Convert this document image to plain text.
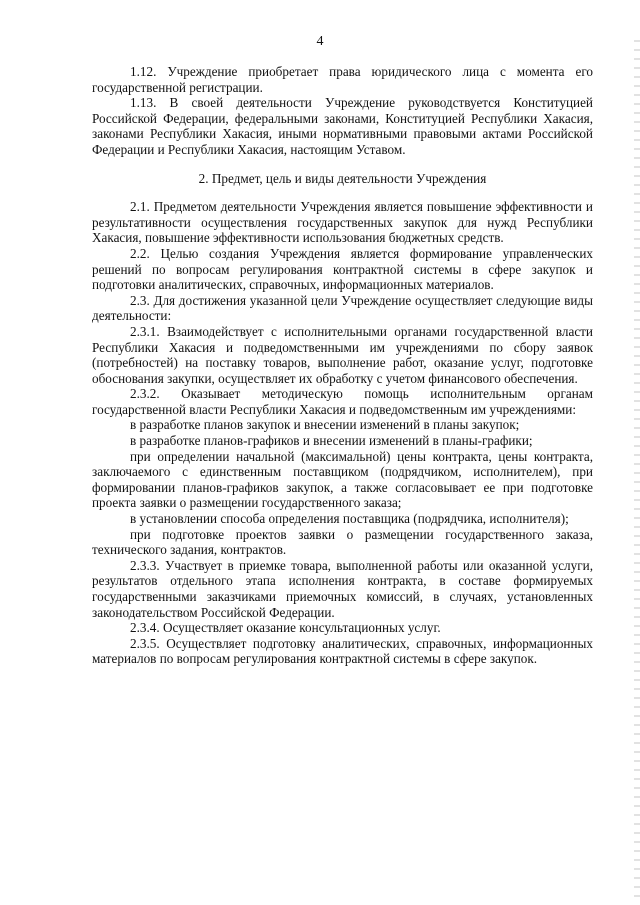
4

1.12. Учреждение приобретает права юридического лица с момента его государственной регистрации.

1.13. В своей деятельности Учреждение руководствуется Конституцией Российской Федерации, федеральными законами, Конституцией Республики Хакасия, законами Республики Хакасия, иными нормативными правовыми актами Российской Федерации и Республики Хакасия, настоящим Уставом.

2. Предмет, цель и виды деятельности Учреждения

2.1. Предметом деятельности Учреждения является повышение эффективности и результативности осуществления государственных закупок для нужд Республики Хакасия, повышение эффективности использования бюджетных средств.

2.2. Целью создания Учреждения является формирование управленческих решений по вопросам регулирования контрактной системы в сфере закупок и подготовки аналитических, справочных, информационных материалов.

2.3. Для достижения указанной цели Учреждение осуществляет следующие виды деятельности:

2.3.1. Взаимодействует с исполнительными органами государственной власти Республики Хакасия и подведомственными им учреждениями по сбору заявок (потребностей) на поставку товаров, выполнение работ, оказание услуг, подготовке обоснования закупки, осуществляет их обработку с учетом финансового обеспечения.

2.3.2. Оказывает методическую помощь исполнительным органам государственной власти Республики Хакасия и подведомственным им учреждениями:

в разработке планов закупок и внесении изменений в планы закупок;

в разработке планов-графиков и внесении изменений в планы-графики;

при определении начальной (максимальной) цены контракта, цены контракта, заключаемого с единственным поставщиком (подрядчиком, исполнителем), при формировании планов-графиков закупок, а также согласовывает ее при подготовке проекта заявки о размещении государственного заказа;

в установлении способа определения поставщика (подрядчика, исполнителя);

при подготовке проектов заявки о размещении государственного заказа, технического задания, контрактов.

2.3.3. Участвует в приемке товара, выполненной работы или оказанной услуги, результатов отдельного этапа исполнения контракта, в составе формируемых государственными заказчиками приемочных комиссий, в случаях, установленных законодательством Российской Федерации.

2.3.4. Осуществляет оказание консультационных услуг.

2.3.5. Осуществляет подготовку аналитических, справочных, информационных материалов по вопросам регулирования контрактной системы в сфере закупок.
